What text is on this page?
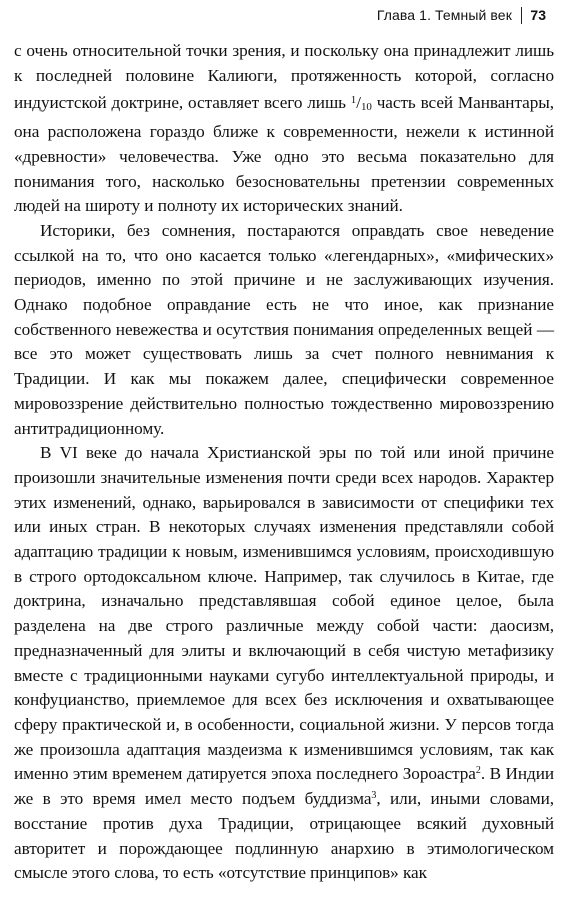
Глава 1. Темный век 73

с очень относительной точки зрения, и поскольку она принадлежит лишь к последней половине Калиюги, протяженность которой, согласно индуистской доктрине, оставляет всего лишь 1/10 часть всей Манвантары, она расположена гораздо ближе к современности, нежели к истинной «древности» человечества. Уже одно это весьма показательно для понимания того, насколько безосновательны претензии современных людей на широту и полноту их исторических знаний.

Историки, без сомнения, постараются оправдать свое неведение ссылкой на то, что оно касается только «легендарных», «мифических» периодов, именно по этой причине и не заслуживающих изучения. Однако подобное оправдание есть не что иное, как признание собственного невежества и осутствия понимания определенных вещей — все это может существовать лишь за счет полного невнимания к Традиции. И как мы покажем далее, специфически современное мировоззрение действительно полностью тождественно мировоззрению антитрадиционному.

В VI веке до начала Христианской эры по той или иной причине произошли значительные изменения почти среди всех народов. Характер этих изменений, однако, варьировался в зависимости от специфики тех или иных стран. В некоторых случаях изменения представляли собой адаптацию традиции к новым, изменившимся условиям, происходившую в строго ортодоксальном ключе. Например, так случилось в Китае, где доктрина, изначально представлявшая собой единое целое, была разделена на две строго различные между собой части: даосизм, предназначенный для элиты и включающий в себя чистую метафизику вместе с традиционными науками сугубо интеллектуальной природы, и конфуцианство, приемлемое для всех без исключения и охватывающее сферу практической и, в особенности, социальной жизни. У персов тогда же произошла адаптация маздеизма к изменившимся условиям, так как именно этим временем датируется эпоха последнего Зороастра$^2$. В Индии же в это время имел место подъем буддизма$^3$, или, иными словами, восстание против духа Традиции, отрицающее всякий духовный авторитет и порождающее подлинную анархию в этимологическом смысле этого слова, то есть «отсутствие принципов» как
